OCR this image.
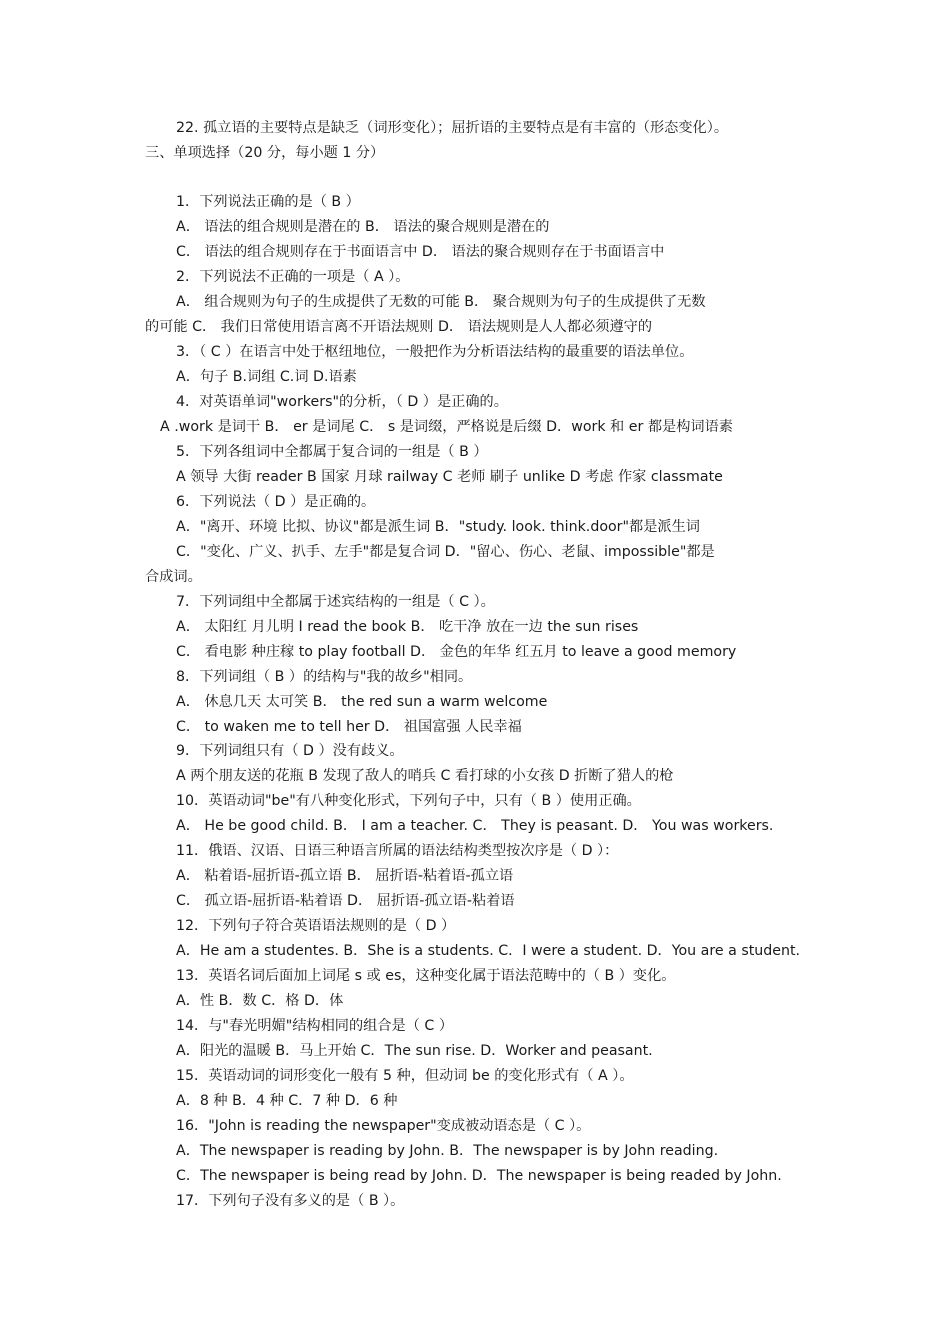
22. 孤立语的主要特点是缺乏（词形变化）；屈折语的主要特点是有丰富的（形态变化）。
三、单项选择（20 分，每小题 1 分）
1．下列说法正确的是（ B ）
A． 语法的组合规则是潜在的 B． 语法的聚合规则是潜在的
C． 语法的组合规则存在于书面语言中 D． 语法的聚合规则存在于书面语言中
2．下列说法不正确的一项是（ A ）。
A． 组合规则为句子的生成提供了无数的可能 B． 聚合规则为句子的生成提供了无数
的可能 C． 我们日常使用语言离不开语法规则 D． 语法规则是人人都必须遵守的
3．（ C ）在语言中处于枢纽地位，一般把作为分析语法结构的最重要的语法单位。
A．句子 B.词组 C.词 D.语素
4．对英语单词"workers"的分析，（ D ）是正确的。
A .work 是词干 B． er 是词尾 C． s 是词缀，严格说是后缀 D．work 和 er 都是构词语素
5．下列各组词中全都属于复合词的一组是（ B ）
A 领导 大街 reader B 国家 月球 railway C 老师 刷子 unlike D 考虑 作家 classmate
6．下列说法（ D ）是正确的。
A．"离开、环境 比拟、协议"都是派生词 B．"study. look. think.door"都是派生词
C．"变化、广义、扒手、左手"都是复合词 D．"留心、伤心、老鼠、impossible"都是
合成词。
7．下列词组中全都属于述宾结构的一组是（ C ）。
A． 太阳红 月儿明 I read the book B． 吃干净 放在一边 the sun rises
C． 看电影 种庄稼 to play football D． 金色的年华 红五月 to leave a good memory
8．下列词组（ B ）的结构与"我的故乡"相同。
A． 休息几天 太可笑 B． the red sun a warm welcome
C． to waken me to tell her D． 祖国富强 人民幸福
9．下列词组只有（ D ）没有歧义。
A 两个朋友送的花瓶 B 发现了敌人的哨兵 C 看打球的小女孩 D 折断了猎人的枪
10．英语动词"be"有八种变化形式，下列句子中，只有（ B ）使用正确。
A． He be good child. B． I am a teacher. C． They is peasant. D． You was workers.
11．俄语、汉语、日语三种语言所属的语法结构类型按次序是（ D ）：
A． 粘着语-屈折语-孤立语 B． 屈折语-粘着语-孤立语
C． 孤立语-屈折语-粘着语 D． 屈折语-孤立语-粘着语
12．下列句子符合英语语法规则的是（ D ）
A．He am a studentes. B．She is a students. C．I were a student. D．You are a student.
13．英语名词后面加上词尾 s 或 es，这种变化属于语法范畴中的（ B ）变化。
A．性 B．数 C．格 D．体
14．与"春光明媚"结构相同的组合是（ C ）
A．阳光的温暖 B．马上开始 C．The sun rise. D．Worker and peasant.
15．英语动词的词形变化一般有 5 种，但动词 be 的变化形式有（ A ）。
A．8 种 B．4 种 C．7 种 D．6 种
16．"John is reading the newspaper"变成被动语态是（ C ）。
A．The newspaper is reading by John. B．The newspaper is by John reading.
C．The newspaper is being read by John. D．The newspaper is being readed by John.
17．下列句子没有多义的是（ B ）。
